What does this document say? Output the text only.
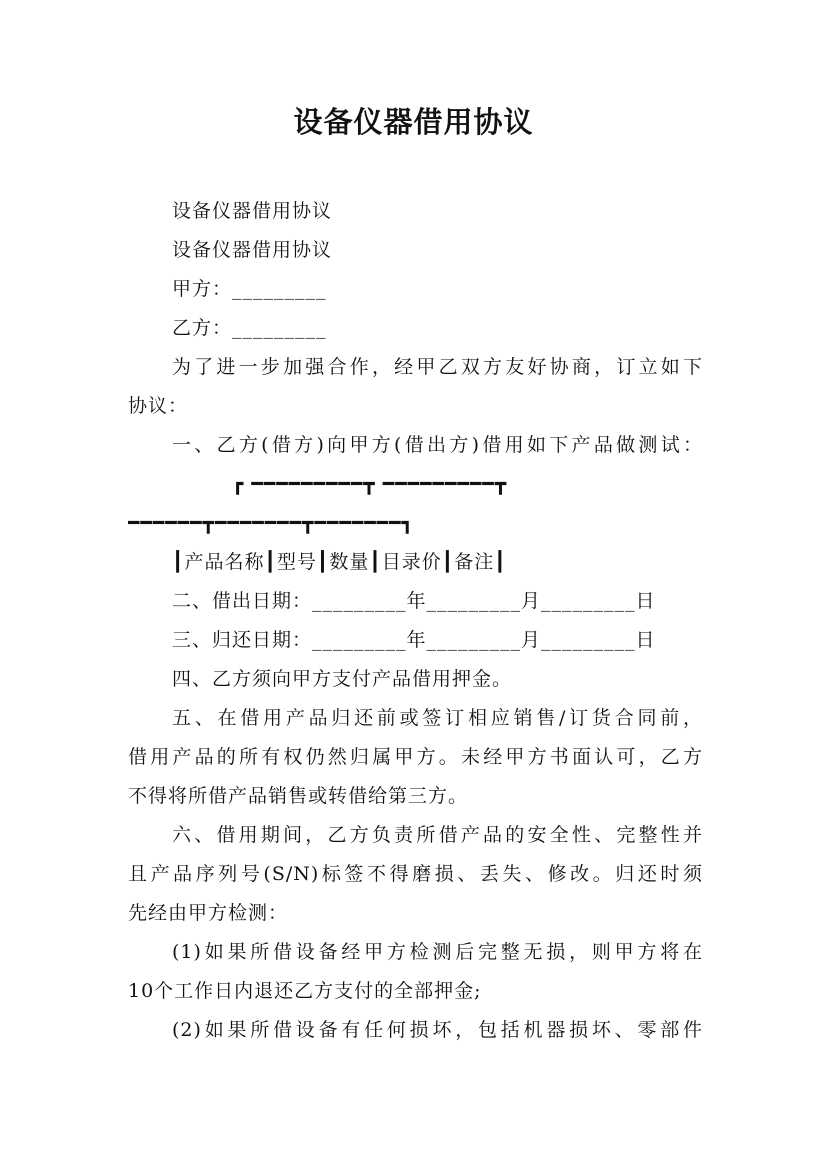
设备仪器借用协议
设备仪器借用协议
设备仪器借用协议
甲方：_________
乙方：_________
为了进一步加强合作，经甲乙双方友好协商，订立如下
协议：
一、乙方(借方)向甲方(借出方)借用如下产品做测试：
┏ ━━━━━━━━━┳ ━━━━━━━━━┳
━━━━━━┳━━━━━━━┳━━━━━━━┓
┃产品名称┃型号┃数量┃目录价┃备注┃
二、借出日期：_________年_________月_________日
三、归还日期：_________年_________月_________日
四、乙方须向甲方支付产品借用押金。
五、在借用产品归还前或签订相应销售/订货合同前，
借用产品的所有权仍然归属甲方。未经甲方书面认可，乙方
不得将所借产品销售或转借给第三方。
六、借用期间，乙方负责所借产品的安全性、完整性并
且产品序列号(S/N)标签不得磨损、丢失、修改。归还时须
先经由甲方检测：
(1)如果所借设备经甲方检测后完整无损，则甲方将在
10个工作日内退还乙方支付的全部押金;
(2)如果所借设备有任何损坏，包括机器损坏、零部件
